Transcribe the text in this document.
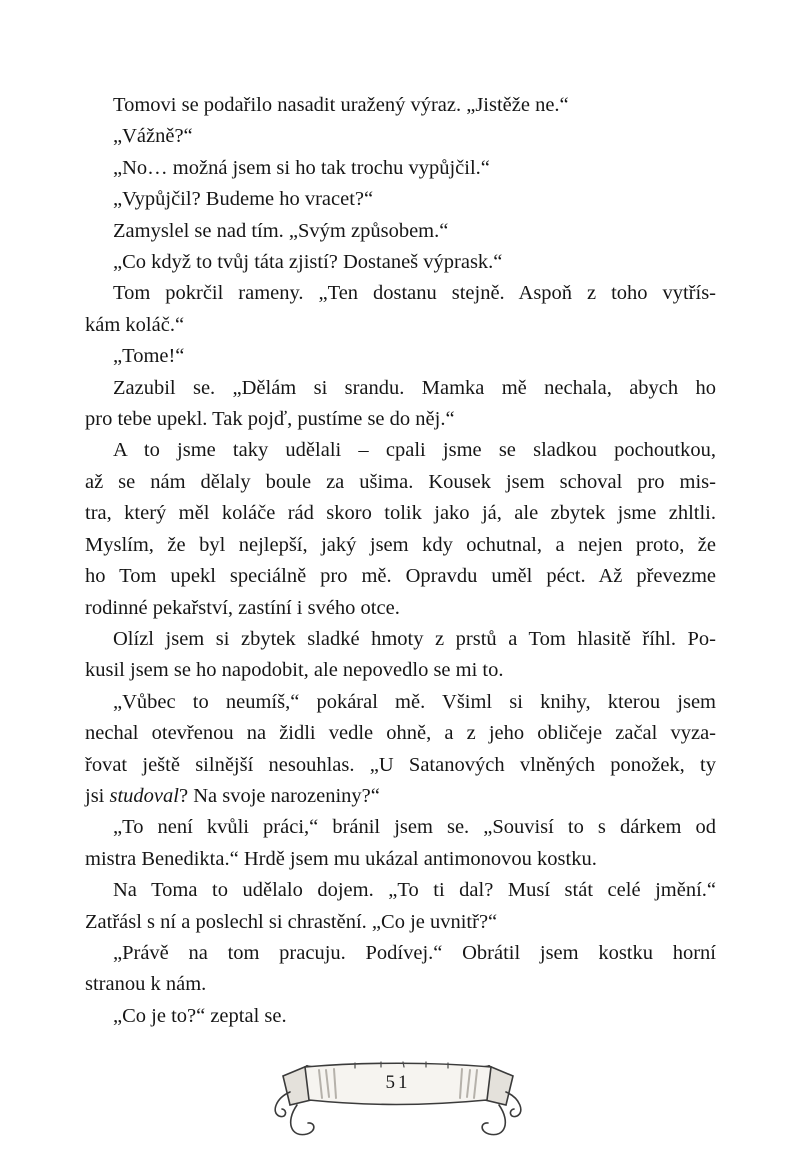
Tomovi se podařilo nasadit uražený výraz. „Jistěže ne.“
„Vážně?“
„No… možná jsem si ho tak trochu vypůjčil.“
„Vypůjčil? Budeme ho vracet?“
Zamyslel se nad tím. „Svým způsobem.“
„Co když to tvůj táta zjistí? Dostaneš výprask.“
Tom pokrčil rameny. „Ten dostanu stejně. Aspoň z toho vytřís-
kám koláč.“
„Tome!“
Zazubil se. „Dělám si srandu. Mamka mě nechala, abych ho
pro tebe upekl. Tak pojď, pustíme se do něj.“
A to jsme taky udělali – cpali jsme se sladkou pochoutkou,
až se nám dělaly boule za ušima. Kousek jsem schoval pro mis-
tra, který měl koláče rád skoro tolik jako já, ale zbytek jsme zhltli.
Myslím, že byl nejlepší, jaký jsem kdy ochutnal, a nejen proto, že
ho Tom upekl speciálně pro mě. Opravdu uměl péct. Až převezme
rodinné pekařství, zastíní i svého otce.
Olízl jsem si zbytek sladké hmoty z prstů a Tom hlasitě říhl. Po-
kusil jsem se ho napodobit, ale nepovedlo se mi to.
„Vůbec to neumíš,“ pokáral mě. Všiml si knihy, kterou jsem
nechal otevřenou na židli vedle ohně, a z jeho obličeje začal vyza-
řovat ještě silnější nesouhlas. „U Satanových vlněných ponožek, ty
jsi studoval? Na svoje narozeniny?“
„To není kvůli práci,“ bránil jsem se. „Souvisí to s dárkem od
mistra Benedikta.“ Hrdě jsem mu ukázal antimonovou kostku.
Na Toma to udělalo dojem. „To ti dal? Musí stát celé jmění.“
Zatřásl s ní a poslechl si chrastění. „Co je uvnitř?“
„Právě na tom pracuju. Podívej.“ Obrátil jsem kostku horní
stranou k nám.
„Co je to?“ zeptal se.
51
